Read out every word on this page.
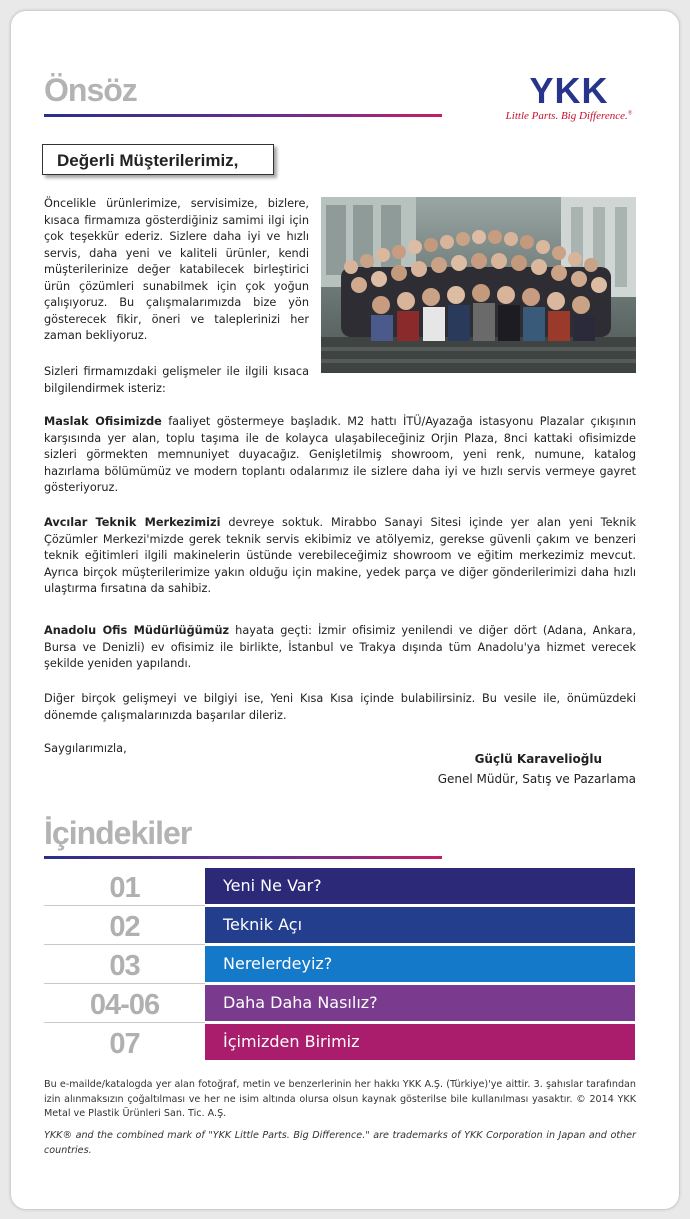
Önsöz	YKK
Little Parts. Big Difference.®
Değerli Müşterilerimiz,
Öncelikle ürünlerimize, servisimize, bizlere, kısaca firmamıza gösterdiğiniz samimi ilgi için çok teşekkür ederiz. Sizlere daha iyi ve hızlı servis, daha yeni ve kaliteli ürünler, kendi müşterilerinize değer katabilecek birleştirici ürün çözümleri sunabilmek için çok yoğun çalışıyoruz. Bu çalışmalarımızda bize yön gösterecek fikir, öneri ve taleplerinizi her zaman bekliyoruz.
Sizleri firmamızdaki gelişmeler ile ilgili kısaca bilgilendirmek isteriz:
Maslak Ofisimizde faaliyet göstermeye başladık. M2 hattı İTÜ/Ayazağa istasyonu Plazalar çıkışının karşısında yer alan, toplu taşıma ile de kolayca ulaşabileceğiniz Orjin Plaza, 8nci kattaki ofisimizde sizleri görmekten memnuniyet duyacağız. Genişletilmiş showroom, yeni renk, numune, katalog hazırlama bölümümüz ve modern toplantı odalarımız ile sizlere daha iyi ve hızlı servis vermeye gayret gösteriyoruz.
Avcılar Teknik Merkezimizi devreye soktuk. Mirabbo Sanayi Sitesi içinde yer alan yeni Teknik Çözümler Merkezi'mizde gerek teknik servis ekibimiz ve atölyemiz, gerekse güvenli çakım ve benzeri teknik eğitimleri ilgili makinelerin üstünde verebileceğimiz showroom ve eğitim merkezimiz mevcut. Ayrıca birçok müşterilerimize yakın olduğu için makine, yedek parça ve diğer gönderilerimizi daha hızlı ulaştırma fırsatına da sahibiz.
Anadolu Ofis Müdürlüğümüz hayata geçti: İzmir ofisimiz yenilendi ve diğer dört (Adana, Ankara, Bursa ve Denizli) ev ofisimiz ile birlikte, İstanbul ve Trakya dışında tüm Anadolu'ya hizmet verecek şekilde yeniden yapılandı.
Diğer birçok gelişmeyi ve bilgiyi ise, Yeni Kısa Kısa içinde bulabilirsiniz. Bu vesile ile, önümüzdeki dönemde çalışmalarınızda başarılar dileriz.
Saygılarımızla,
Güçlü Karavelioğlu
Genel Müdür, Satış ve Pazarlama
İçindekiler
01	Yeni Ne Var?
02	Teknik Açı
03	Nerelerdeyiz?
04-06	Daha Daha Nasılız?
07	İçimizden Birimiz
Bu e-mailde/katalogda yer alan fotoğraf, metin ve benzerlerinin her hakkı YKK A.Ş. (Türkiye)'ye aittir. 3. şahıslar tarafından izin alınmaksızın çoğaltılması ve her ne isim altında olursa olsun kaynak gösterilse bile kullanılması yasaktır. © 2014 YKK Metal ve Plastik Ürünleri San. Tic. A.Ş.
YKK® and the combined mark of "YKK Little Parts. Big Difference." are trademarks of YKK Corporation in Japan and other countries.
